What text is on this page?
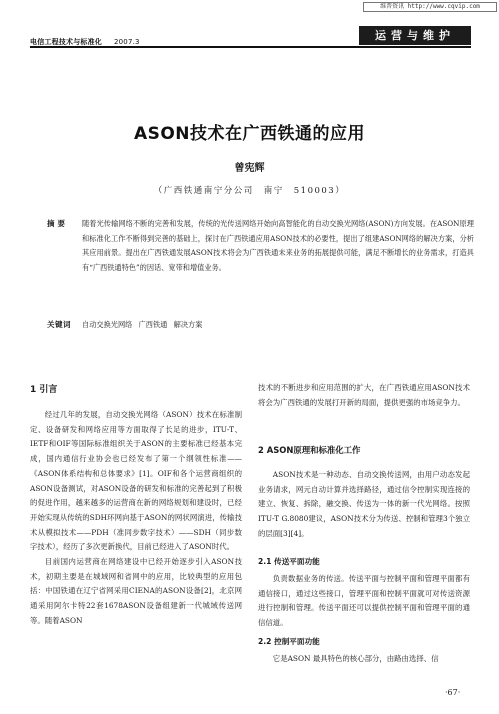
维普资讯 http://www.cqvip.com
电信工程技术与标准化 2007.3	运营与维护
ASON技术在广西铁通的应用
曾宪辉
（广西铁通南宁分公司　南宁　510003）
摘要 随着光传输网络不断的完善和发展，传统的光传送网络开始向高智能化的自动交换光网络(ASON)方向发展。在ASON原理和标准化工作不断得到完善的基础上，探讨在广西铁通应用ASON技术的必要性，提出了组建ASON网络的解决方案，分析其应用前景。提出在广西铁通发展ASON技术将会为广西铁通未来业务的拓展提供可能，满足不断增长的业务需求，打造具有“广西铁通特色”的因话、宽带和增值业务。
关键词 自动交换光网络 广西铁通 解决方案
1 引言

经过几年的发展，自动交换光网络（ASON）技术在标准制定、设备研发和网络应用等方面取得了长足的进步，ITU-T、IETF和OIF等国际标准组织关于ASON的主要标准已经基本完成，国内通信行业协会也已经发布了第一个纲领性标准——《ASON体系结构和总体要求》[1]。OIF和各个运营商组织的ASON设备测试，对ASON设备的研发和标准的完善起到了积极的促进作用，越来越多的运营商在新的网络规划和建设时，已经开始实现从传统的SDH环网向基于ASON的网状网演进，传输技术从模拟技术——PDH（准同步数字技术）——SDH（同步数字技术），经历了多次更新换代，目前已经进入了ASON时代。

目前国内运营商在网络建设中已经开始逐步引入ASON技术，初期主要是在城域网和省网中的应用，比较典型的应用包括：中国铁通在辽宁省网采用CIENA的ASON设备[2]，北京网通采用阿尔卡特22套1678ASON设备组建新一代城域传送网等。随着ASON

技术的不断进步和应用范围的扩大，在广西铁通应用ASON技术将会为广西铁通的发展打开新的局面，提供更强的市场竞争力。

2 ASON原理和标准化工作

ASON技术是一种动态、自动交换传送网，由用户动态发起业务请求，网元自动计算并选择路径，通过信令控制实现连接的建立、恢复、拆除，融交换、传送为一体的新一代光网络。按照ITU-T G.8080建议，ASON技术分为传送、控制和管理3个独立的层面[3][4]。

2.1 传送平面功能

负责数据业务的传送。传送平面与控制平面和管理平面都有通信接口，通过这些接口，管理平面和控制平面就可对传送资源进行控制和管理。传送平面还可以提供控制平面和管理平面的通信信道。

2.2 控制平面功能

它是ASON 最具特色的核心部分，由路由选择、信

·67·
